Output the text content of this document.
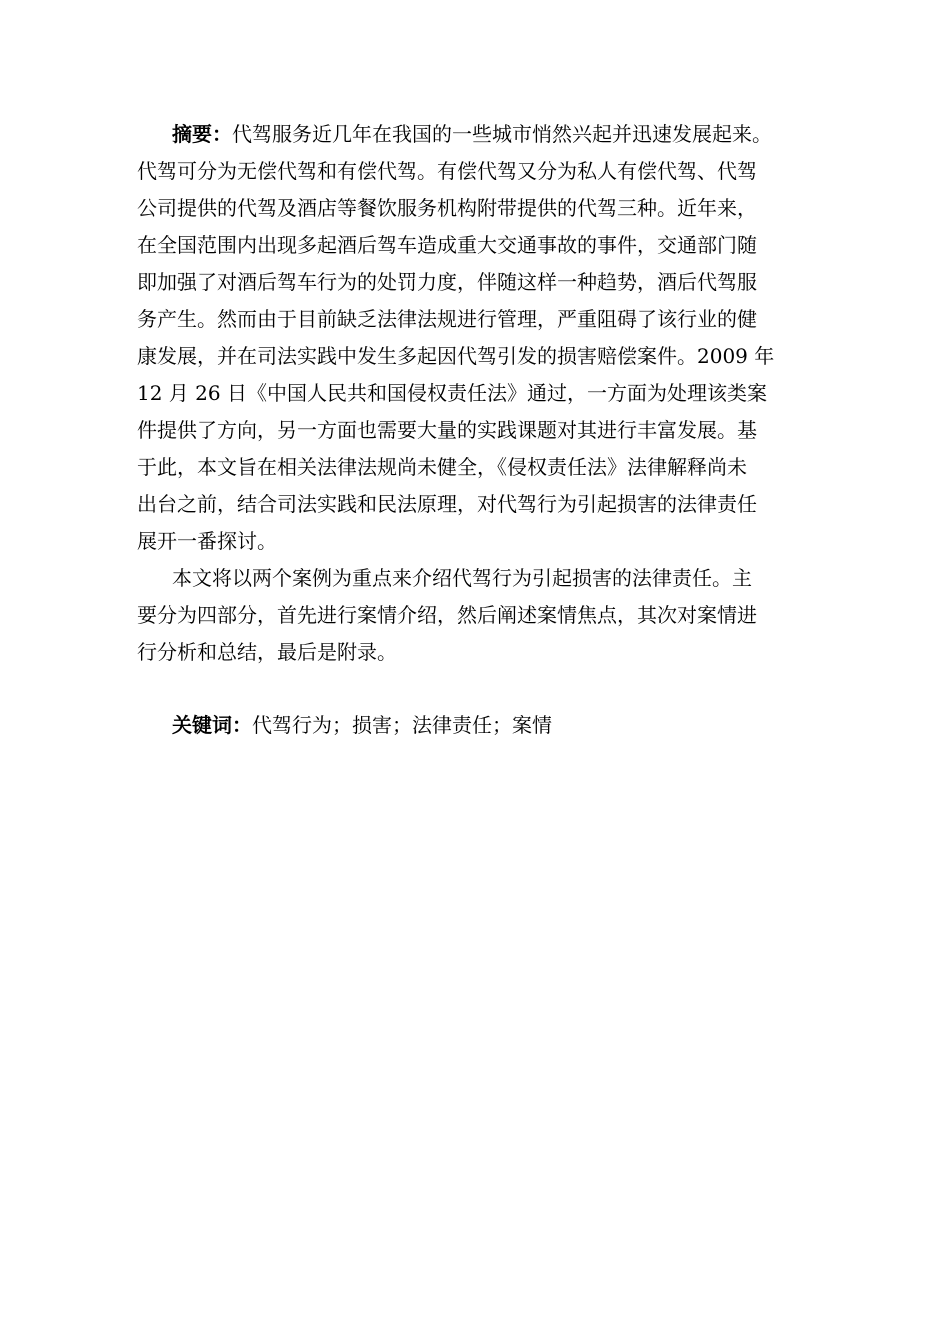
摘要：代驾服务近几年在我国的一些城市悄然兴起并迅速发展起来。

代驾可分为无偿代驾和有偿代驾。有偿代驾又分为私人有偿代驾、代驾

公司提供的代驾及酒店等餐饮服务机构附带提供的代驾三种。近年来，

在全国范围内出现多起酒后驾车造成重大交通事故的事件，交通部门随

即加强了对酒后驾车行为的处罚力度，伴随这样一种趋势，酒后代驾服

务产生。然而由于目前缺乏法律法规进行管理，严重阻碍了该行业的健

康发展，并在司法实践中发生多起因代驾引发的损害赔偿案件。2009 年

12 月 26 日《中国人民共和国侵权责任法》通过，一方面为处理该类案

件提供了方向，另一方面也需要大量的实践课题对其进行丰富发展。基

于此，本文旨在相关法律法规尚未健全，《侵权责任法》法律解释尚未

出台之前，结合司法实践和民法原理，对代驾行为引起损害的法律责任

展开一番探讨。

本文将以两个案例为重点来介绍代驾行为引起损害的法律责任。主

要分为四部分，首先进行案情介绍，然后阐述案情焦点，其次对案情进

行分析和总结，最后是附录。

关键词：代驾行为；损害；法律责任；案情
